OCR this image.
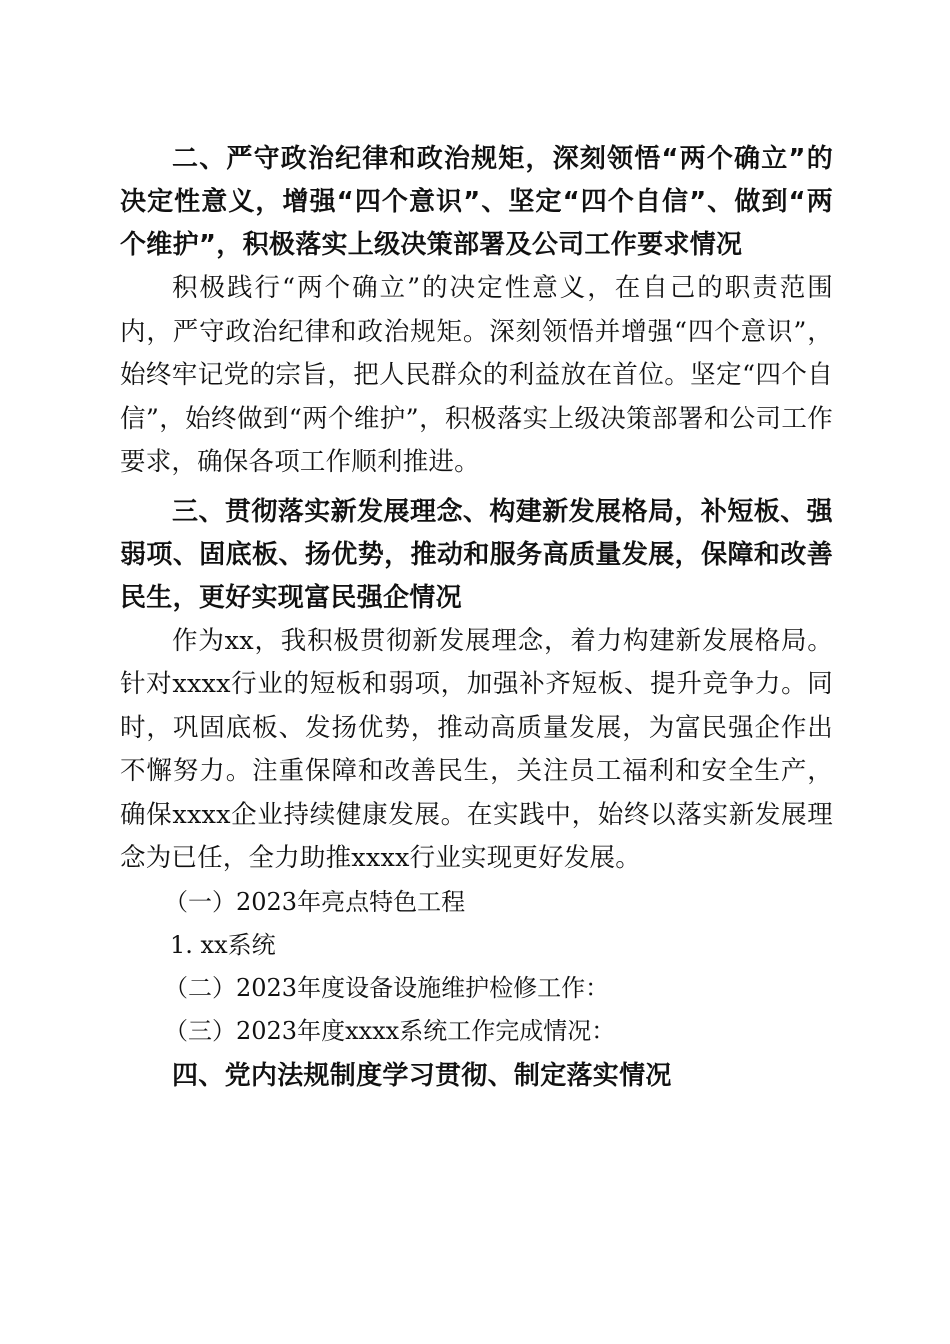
二、严守政治纪律和政治规矩，深刻领悟“两个确立”的决定性意义，增强“四个意识”、坚定“四个自信”、做到“两个维护”，积极落实上级决策部署及公司工作要求情况

积极践行“两个确立”的决定性意义，在自己的职责范围内，严守政治纪律和政治规矩。深刻领悟并增强“四个意识”，始终牢记党的宗旨，把人民群众的利益放在首位。坚定“四个自信”，始终做到“两个维护”，积极落实上级决策部署和公司工作要求，确保各项工作顺利推进。

三、贯彻落实新发展理念、构建新发展格局，补短板、强弱项、固底板、扬优势，推动和服务高质量发展，保障和改善民生，更好实现富民强企情况

作为xx，我积极贯彻新发展理念，着力构建新发展格局。针对xxxx行业的短板和弱项，加强补齐短板、提升竞争力。同时，巩固底板、发扬优势，推动高质量发展，为富民强企作出不懈努力。注重保障和改善民生，关注员工福利和安全生产，确保xxxx企业持续健康发展。在实践中，始终以落实新发展理念为已任，全力助推xxxx行业实现更好发展。

（一）2023年亮点特色工程

1. xx系统

（二）2023年度设备设施维护检修工作：

（三）2023年度xxxx系统工作完成情况：

四、党内法规制度学习贯彻、制定落实情况
